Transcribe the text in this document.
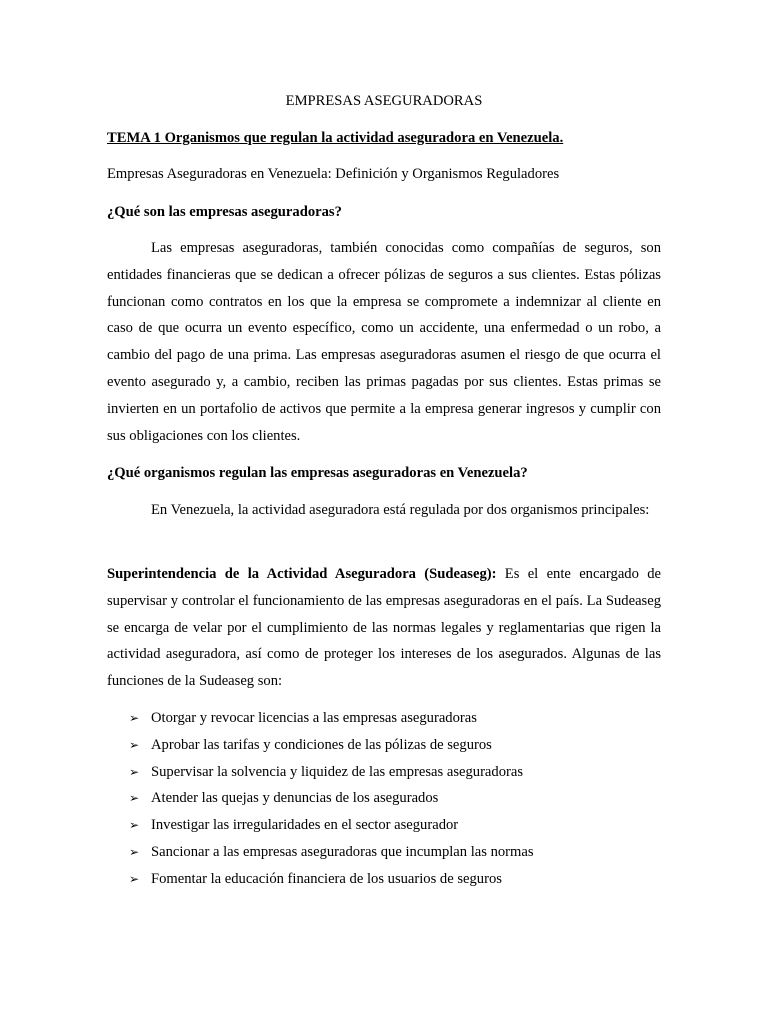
EMPRESAS ASEGURADORAS
TEMA 1 Organismos que regulan la actividad aseguradora en Venezuela.
Empresas Aseguradoras en Venezuela: Definición y Organismos Reguladores
¿Qué son las empresas aseguradoras?

Las empresas aseguradoras, también conocidas como compañías de seguros, son entidades financieras que se dedican a ofrecer pólizas de seguros a sus clientes. Estas pólizas funcionan como contratos en los que la empresa se compromete a indemnizar al cliente en caso de que ocurra un evento específico, como un accidente, una enfermedad o un robo, a cambio del pago de una prima. Las empresas aseguradoras asumen el riesgo de que ocurra el evento asegurado y, a cambio, reciben las primas pagadas por sus clientes. Estas primas se invierten en un portafolio de activos que permite a la empresa generar ingresos y cumplir con sus obligaciones con los clientes.

¿Qué organismos regulan las empresas aseguradoras en Venezuela?

En Venezuela, la actividad aseguradora está regulada por dos organismos principales:

Superintendencia de la Actividad Aseguradora (Sudeaseg): Es el ente encargado de supervisar y controlar el funcionamiento de las empresas aseguradoras en el país. La Sudeaseg se encarga de velar por el cumplimiento de las normas legales y reglamentarias que rigen la actividad aseguradora, así como de proteger los intereses de los asegurados. Algunas de las funciones de la Sudeaseg son:

➢ Otorgar y revocar licencias a las empresas aseguradoras
➢ Aprobar las tarifas y condiciones de las pólizas de seguros
➢ Supervisar la solvencia y liquidez de las empresas aseguradoras
➢ Atender las quejas y denuncias de los asegurados
➢ Investigar las irregularidades en el sector asegurador
➢ Sancionar a las empresas aseguradoras que incumplan las normas
➢ Fomentar la educación financiera de los usuarios de seguros
